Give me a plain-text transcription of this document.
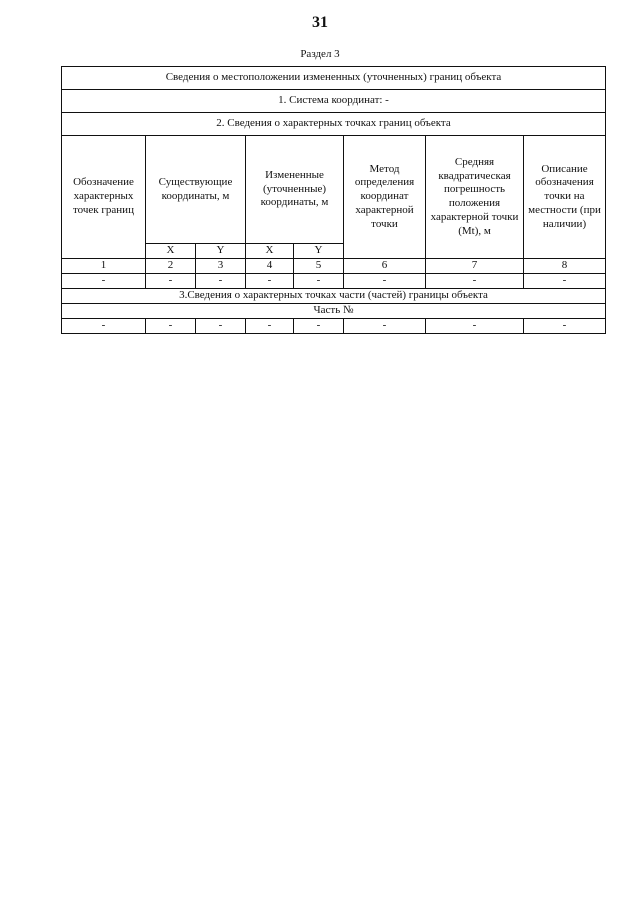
31
Раздел 3
Сведения о местоположении измененных (уточненных) границ объекта							
1. Система координат: -							
2. Сведения о характерных точках границ объекта							
Обозначение характерных точек границ	Существующие координаты, м		Измененные (уточненные) координаты, м		Метод определения координат характерной точки	Средняя квадратическая погрешность положения характерной точки (Mt), м	Описание обозначения точки на местности (при наличии)
	X	Y	X	Y			
1	2	3	4	5	6	7	8
-	-	-	-	-	-	-	-
3.Сведения о характерных точках части (частей) границы объекта							
Часть №							
-	-	-	-	-	-	-	-
